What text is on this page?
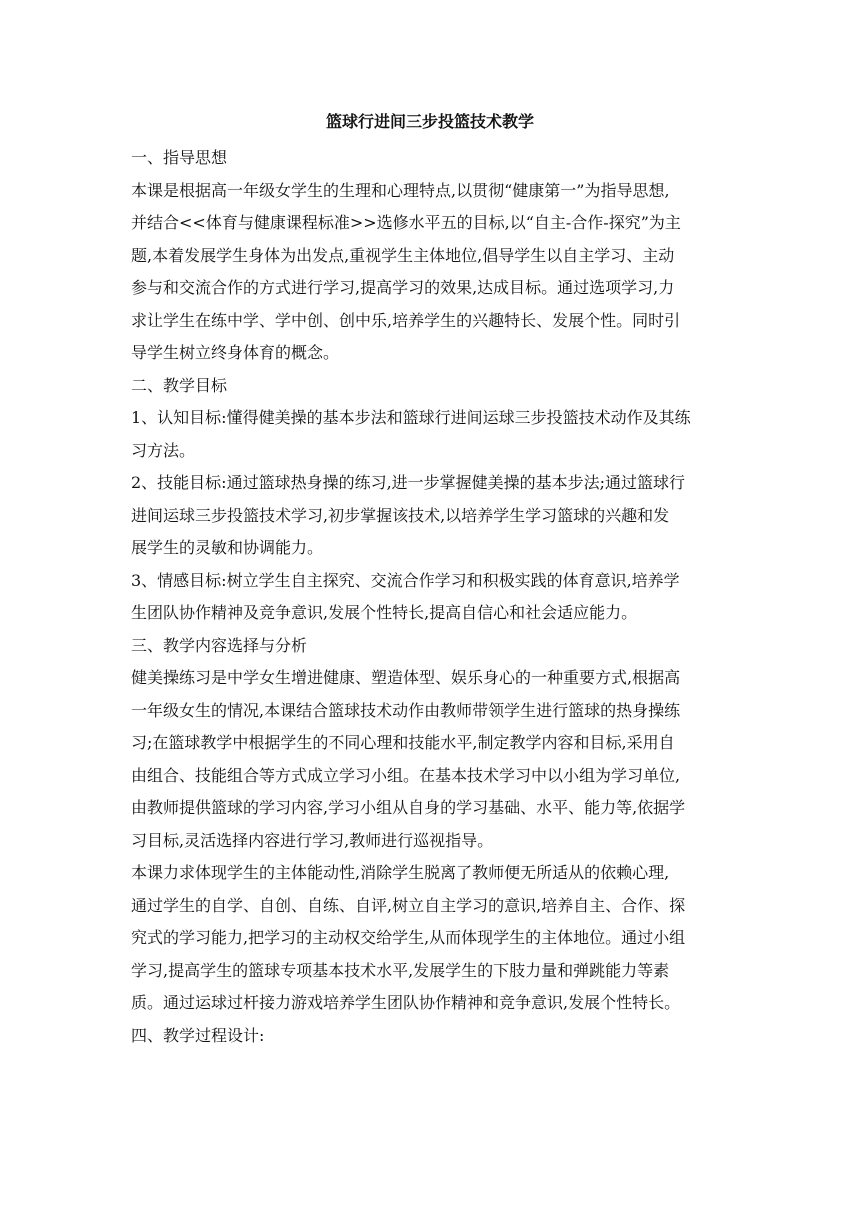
篮球行进间三步投篮技术教学
一、指导思想
本课是根据高一年级女学生的生理和心理特点,以贯彻“健康第一”为指导思想,
并结合<<体育与健康课程标准>>选修水平五的目标,以“自主-合作-探究”为主
题,本着发展学生身体为出发点,重视学生主体地位,倡导学生以自主学习、主动
参与和交流合作的方式进行学习,提高学习的效果,达成目标。通过选项学习,力
求让学生在练中学、学中创、创中乐,培养学生的兴趣特长、发展个性。同时引
导学生树立终身体育的概念。
二、教学目标
1、认知目标:懂得健美操的基本步法和篮球行进间运球三步投篮技术动作及其练
习方法。
2、技能目标:通过篮球热身操的练习,进一步掌握健美操的基本步法;通过篮球行
进间运球三步投篮技术学习,初步掌握该技术,以培养学生学习篮球的兴趣和发
展学生的灵敏和协调能力。
3、情感目标:树立学生自主探究、交流合作学习和积极实践的体育意识,培养学
生团队协作精神及竞争意识,发展个性特长,提高自信心和社会适应能力。
三、教学内容选择与分析
健美操练习是中学女生增进健康、塑造体型、娱乐身心的一种重要方式,根据高
一年级女生的情况,本课结合篮球技术动作由教师带领学生进行篮球的热身操练
习;在篮球教学中根据学生的不同心理和技能水平,制定教学内容和目标,采用自
由组合、技能组合等方式成立学习小组。在基本技术学习中以小组为学习单位,
由教师提供篮球的学习内容,学习小组从自身的学习基础、水平、能力等,依据学
习目标,灵活选择内容进行学习,教师进行巡视指导。
本课力求体现学生的主体能动性,消除学生脱离了教师便无所适从的依赖心理,
通过学生的自学、自创、自练、自评,树立自主学习的意识,培养自主、合作、探
究式的学习能力,把学习的主动权交给学生,从而体现学生的主体地位。通过小组
学习,提高学生的篮球专项基本技术水平,发展学生的下肢力量和弹跳能力等素
质。通过运球过杆接力游戏培养学生团队协作精神和竞争意识,发展个性特长。
四、教学过程设计:
